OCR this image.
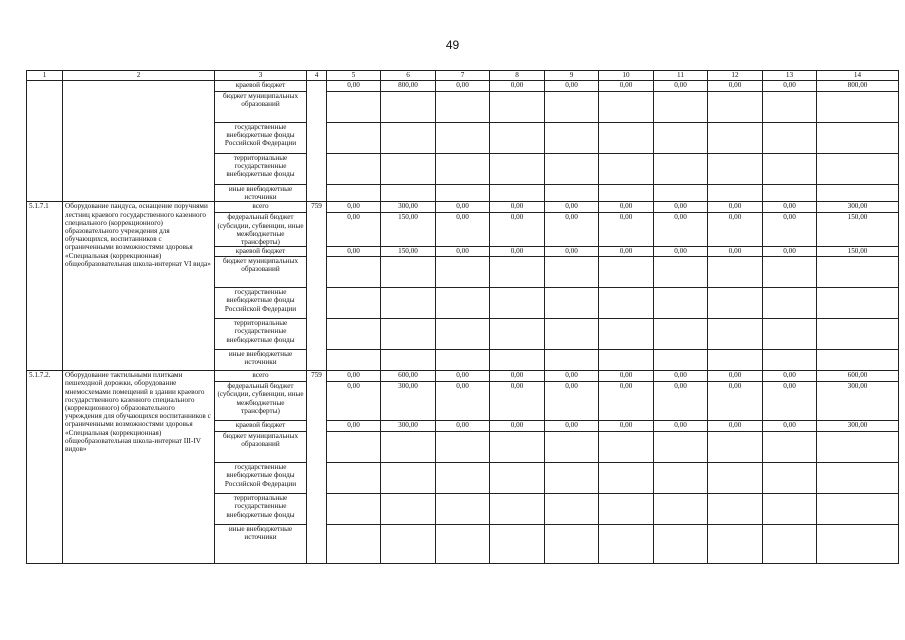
49
1	2	3	4	5	6	7	8	9	10	11	12	13	14
		краевой бюджет		0,00	800,00	0,00	0,00	0,00	0,00	0,00	0,00	0,00	800,00
		бюджет муниципальных образований											
		государственные внебюджетные фонды Российской Федерации											
		территориальные государственные внебюджетные фонды											
		иные внебюджетные источники											
5.1.7.1	Оборудование пандуса, оснащение поручнями лестниц краевого государственного казенного специального (коррекционного) образовательного учреждения для обучающихся, воспитанников с ограниченными возможностями здоровья «Специальная (коррекционная) общеобразовательная школа-интернат VI вида»	всего	759	0,00	300,00	0,00	0,00	0,00	0,00	0,00	0,00	0,00	300,00
		федеральный бюджет (субсидии, субвенции, иные межбюджетные трансферты)		0,00	150,00	0,00	0,00	0,00	0,00	0,00	0,00	0,00	150,00
		краевой бюджет		0,00	150,00	0,00	0,00	0,00	0,00	0,00	0,00	0,00	150,00
		бюджет муниципальных образований											
		государственные внебюджетные фонды Российской Федерации											
		территориальные государственные внебюджетные фонды											
		иные внебюджетные источники											
5.1.7.2.	Оборудование тактильными плитками пешеходной дорожки, оборудование мнемосхемами помещений в здании краевого государственного казенного специального (коррекционного) образовательного учреждения для обучающихся воспитанников с ограниченными возможностями здоровья «Специальная (коррекционная) общеобразовательная школа-интернат III-IV видов»	всего	759	0,00	600,00	0,00	0,00	0,00	0,00	0,00	0,00	0,00	600,00
		федеральный бюджет (субсидии, субвенции, иные межбюджетные трансферты)		0,00	300,00	0,00	0,00	0,00	0,00	0,00	0,00	0,00	300,00
		краевой бюджет		0,00	300,00	0,00	0,00	0,00	0,00	0,00	0,00	0,00	300,00
		бюджет муниципальных образований											
		государственные внебюджетные фонды Российской Федерации											
		территориальные государственные внебюджетные фонды											
		иные внебюджетные источники											
